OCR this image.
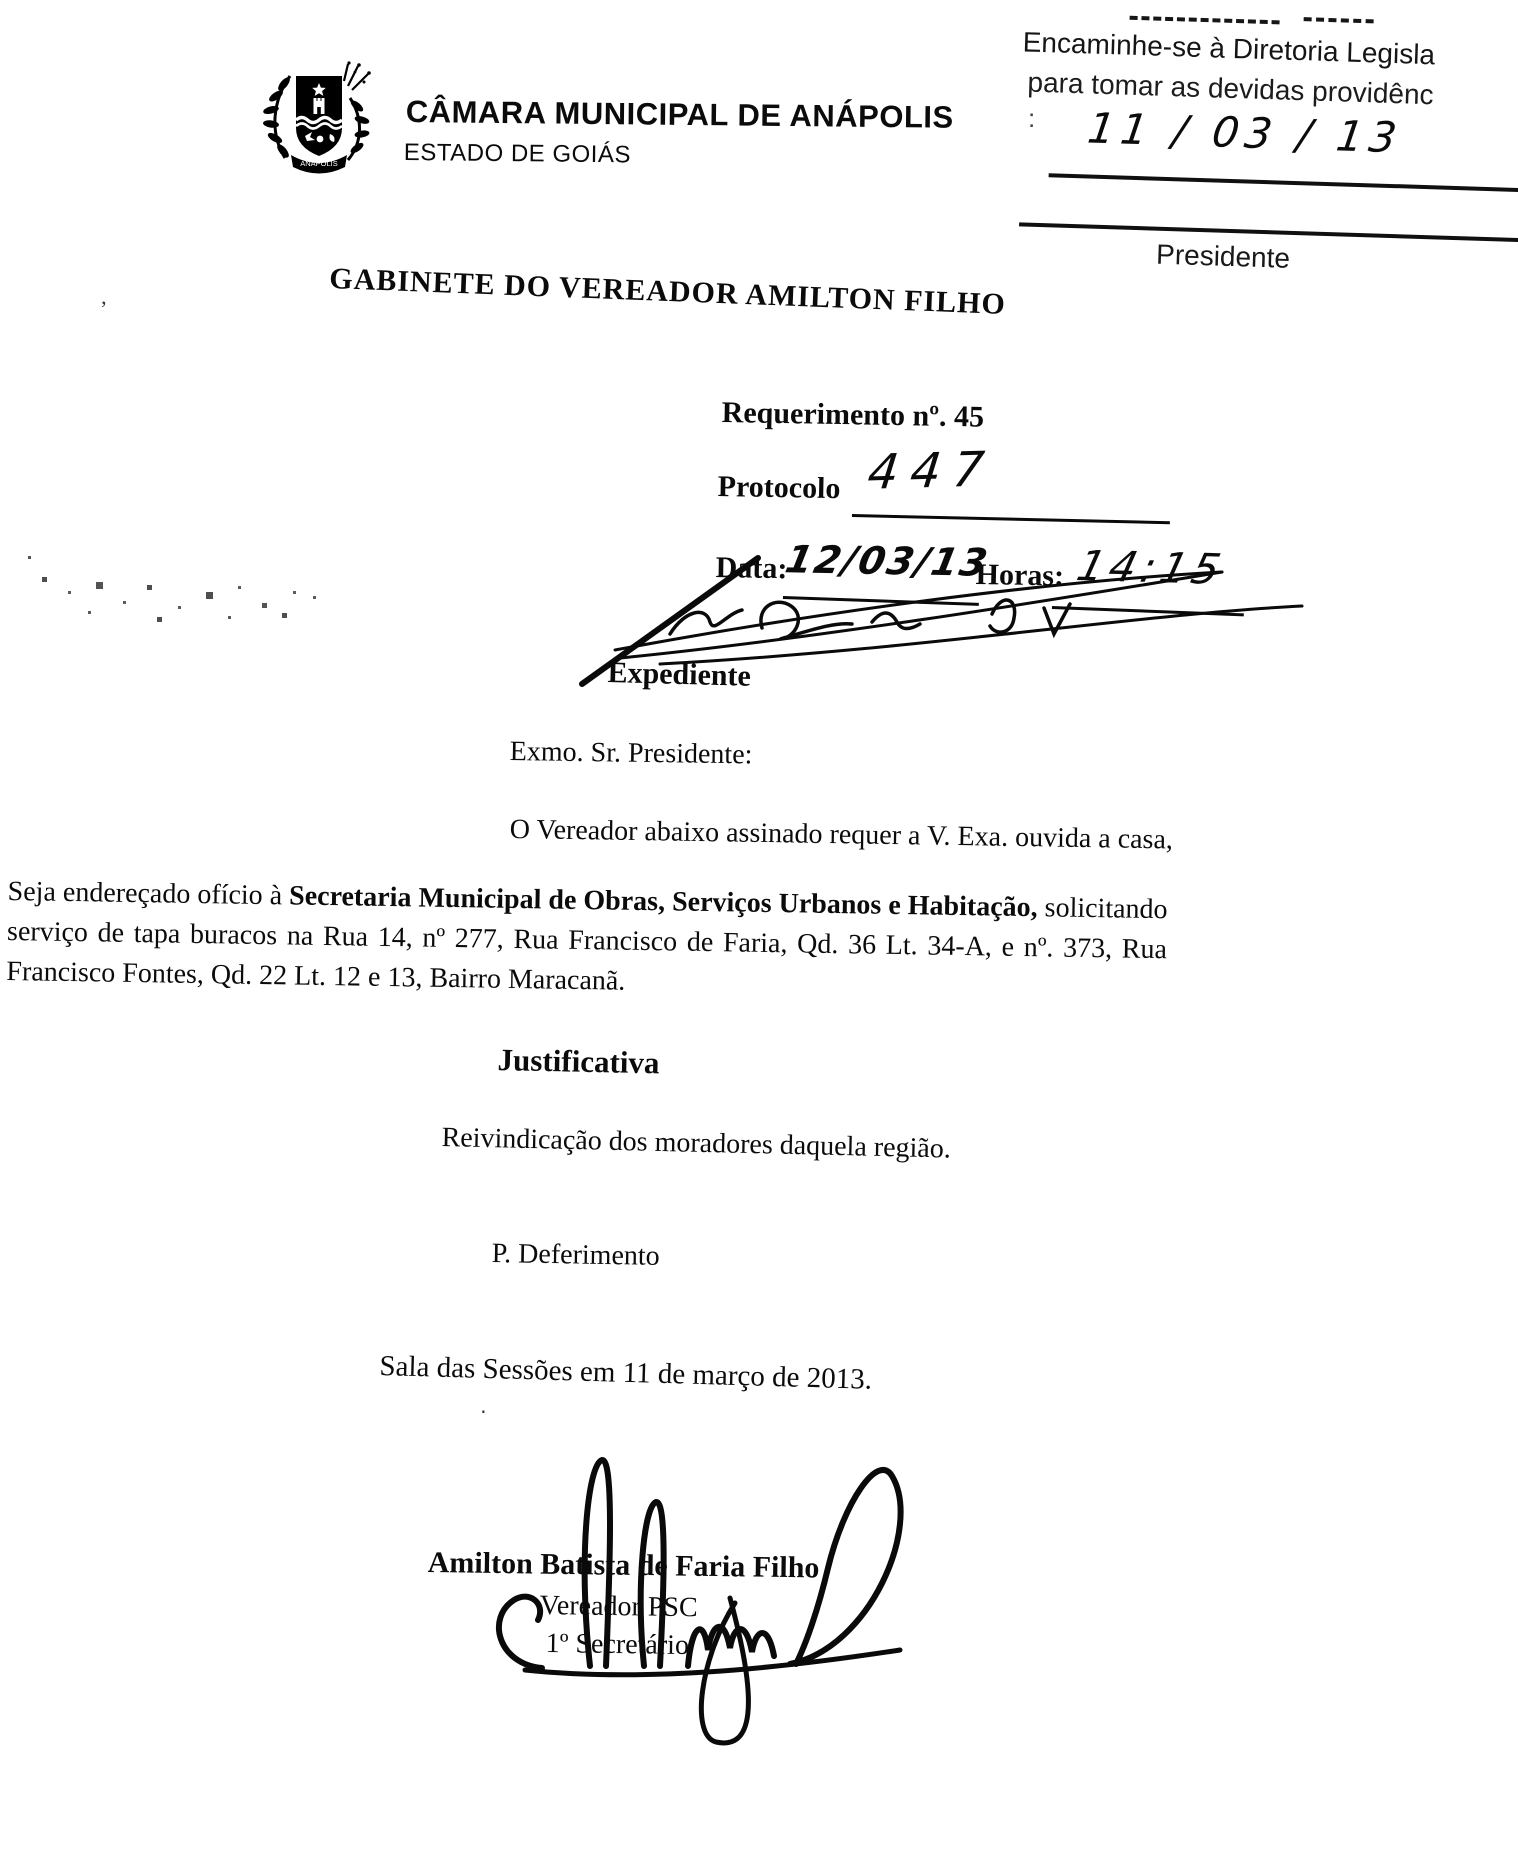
ANÁPOLIS
CÂMARA MUNICIPAL DE ANÁPOLIS	:
ESTADO DE GOIÁS
Encaminhe-se à Diretoria Legisla
para tomar as devidas providênc
11 / 03 / 13
Presidente
GABINETE DO VEREADOR AMILTON FILHO
’
Requerimento nº. 45
Protocolo 447
Data:
12/03/13
Horas: 14:15
Expediente
Exmo. Sr. Presidente:
O Vereador abaixo assinado requer a V. Exa. ouvida a casa,
Seja endereçado ofício à Secretaria Municipal de Obras, Serviços Urbanos e Habitação, solicitando serviço de tapa buracos na Rua 14, nº 277, Rua Francisco de Faria, Qd. 36 Lt. 34-A, e nº. 373, Rua Francisco Fontes, Qd. 22 Lt. 12 e 13, Bairro Maracanã.
Justificativa
Reivindicação dos moradores daquela região.
P. Deferimento
Sala das Sessões em 11 de março de 2013.
․
Amilton Batista de Faria Filho
Vereador PSC
1º Secretário
